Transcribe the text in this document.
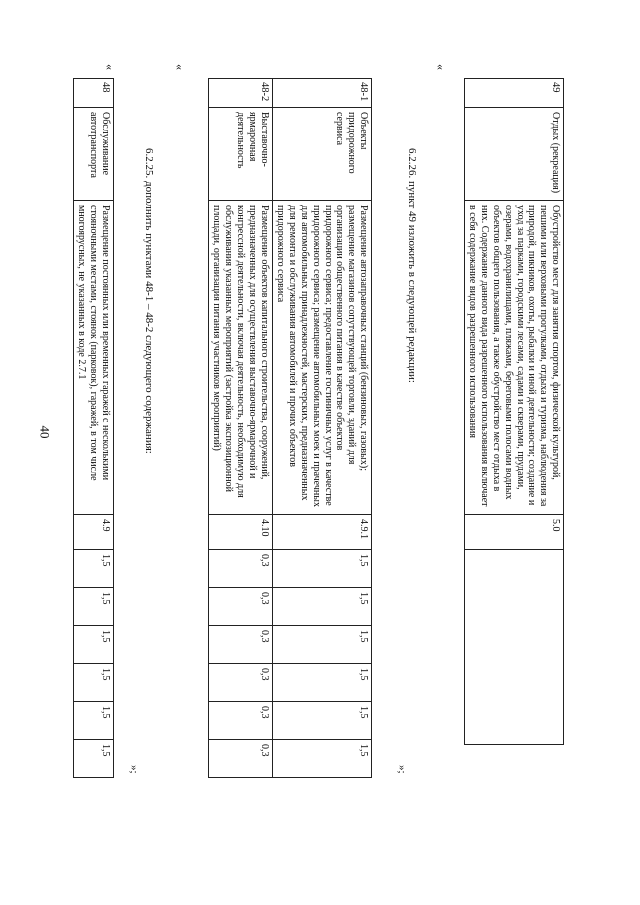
40
«
48	Обслуживание автотранспорта	Размещение постоянных или временных гаражей с несколькими стояночными местами, стоянок (парковок), гаражей, в том числе многоярусных, не указанных в коде 2.7.1	4.9	1,5	1,5	1,5	1,5	1,5	1,5
»;
6.2.25. дополнить пунктами 48-1 – 48-2 следующего содержания:
«
48-1	Объекты придорожного сервиса	Размещение автозаправочных станций (бензиновых, газовых); размещение магазинов сопутствующей торговли, зданий для организации общественного питания в качестве объектов придорожного сервиса; предоставление гостиничных услуг в качестве придорожного сервиса; размещение автомобильных моек и прачечных для автомобильных принадлежностей, мастерских, предназначенных для ремонта и обслуживания автомобилей и прочих объектов придорожного сервиса	4.9.1	1,5	1,5	1,5	1,5	1,5	1,5
48-2	Выставочно-ярмарочная деятельность	Размещение объектов капитального строительства, сооружений, предназначенных для осуществления выставочно-ярмарочной и конгрессной деятельности, включая деятельность, необходимую для обслуживания указанных мероприятий (застройка экспозиционной площади, организация питания участников мероприятий)	4.10	0,3	0,3	0,3	0,3	0,3	0,3
»;
6.2.26. пункт 49 изложить в следующей редакции:
«
49	Отдых (рекреация)	Обустройство мест для занятия спортом, физической культурой, пешими или верховыми прогулками, отдыха и туризма, наблюдения за природой, пикников, охоты, рыбалки и иной деятельности; создание и уход за парками, городскими лесами, садами и скверами, прудами, озерами, водохранилищами, пляжами, береговыми полосами водных объектов общего пользования, а также обустройство мест отдыха в них. Содержание данного вида разрешенного использования включает в себя содержание видов разрешенного использования	5.0	
